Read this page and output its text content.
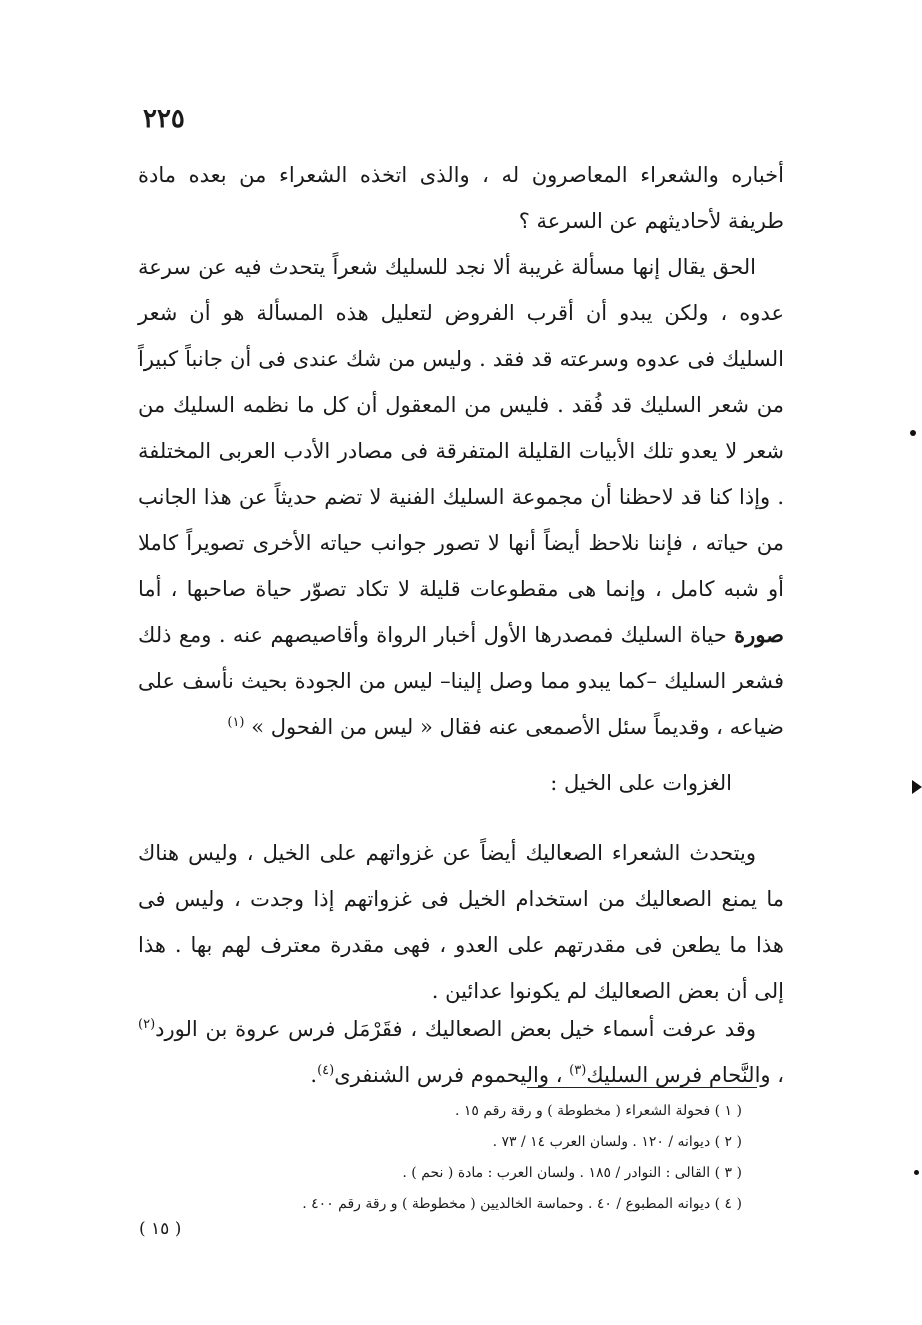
٢٢٥

أخباره والشعراء المعاصرون له ، والذى اتخذه الشعراء من بعده مادة طريفة لأحاديثهم عن السرعة ؟

الحق يقال إنها مسألة غريبة ألا نجد للسليك شعراً يتحدث فيه عن سرعة عدوه ، ولكن يبدو أن أقرب الفروض لتعليل هذه المسألة هو أن شعر السليك فى عدوه وسرعته قد فقد . وليس من شك عندى فى أن جانباً كبيراً من شعر السليك قد فُقد . فليس من المعقول أن كل ما نظمه السليك من شعر لا يعدو تلك الأبيات القليلة المتفرقة فى مصادر الأدب العربى المختلفة . وإذا كنا قد لاحظنا أن مجموعة السليك الفنية لا تضم حديثاً عن هذا الجانب من حياته ، فإننا نلاحظ أيضاً أنها لا تصور جوانب حياته الأخرى تصويراً كاملا أو شبه كامل ، وإنما هى مقطوعات قليلة لا تكاد تصوّر حياة صاحبها ، أما صورة حياة السليك فمصدرها الأول أخبار الرواة وأقاصيصهم عنه . ومع ذلك فشعر السليك –كما يبدو مما وصل إلينا– ليس من الجودة بحيث نأسف على ضياعه ، وقديماً سئل الأصمعى عنه فقال « ليس من الفحول » $^{(١)}$

الغزوات على الخيل :

ويتحدث الشعراء الصعاليك أيضاً عن غزواتهم على الخيل ، وليس هناك ما يمنع الصعاليك من استخدام الخيل فى غزواتهم إذا وجدت ، وليس فى هذا ما يطعن فى مقدرتهم على العدو ، فهى مقدرة معترف لهم بها . هذا إلى أن بعض الصعاليك لم يكونوا عدائين .

وقد عرفت أسماء خيل بعض الصعاليك ، فقَرْمَل فرس عروة بن الورد$^{(٢)}$ ، والنَّحام فرس السليك$^{(٣)}$ ، واليحموم فرس الشنفرى$^{(٤)}$.

( ١ ) فحولة الشعراء ( مخطوطة ) و رقة رقم ١٥ .
( ٢ ) ديوانه / ١٢٠ . ولسان العرب ١٤ / ٧٣ .
( ٣ ) القالى : النوادر / ١٨٥ . ولسان العرب : مادة ( نحم ) .
( ٤ ) ديوانه المطبوع / ٤٠ . وحماسة الخالديين ( مخطوطة ) و رقة رقم ٤٠٠ .
( ١٥ )
